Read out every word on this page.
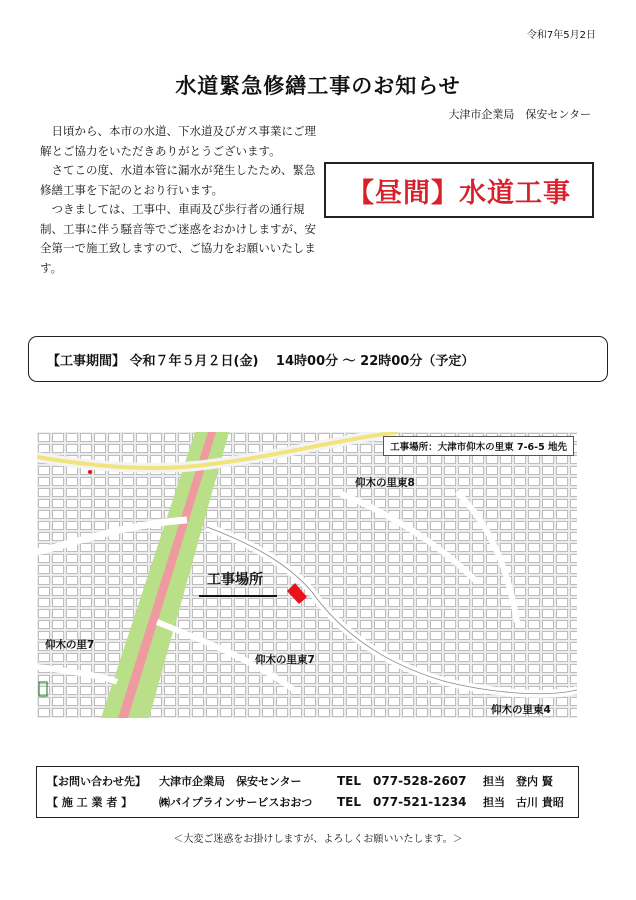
令和7年5月2日
水道緊急修繕工事のお知らせ
大津市企業局　保安センター

　日頃から、本市の水道、下水道及びガス事業にご理解とご協力をいただきありがとうございます。

　さてこの度、水道本管に漏水が発生したため、緊急修繕工事を下記のとおり行います。

　つきましては、工事中、車両及び歩行者の通行規制、工事に伴う騒音等でご迷惑をおかけしますが、安全第一で施工致しますので、ご協力をお願いいたします。

【昼間】水道工事
【工事期間】 令和７年５月２日(金)　 14時00分 ～ 22時00分（予定）
工事場所：大津市仰木の里東 7-6-5 地先
工事場所
仰木の里東8
仰木の里7
仰木の里東7
仰木の里東4
【お問い合わせ先】 大津市企業局　保安センター	TEL　077-528-2607 担当　登内 賢
【 施 工 業 者 】 ㈱パイプラインサービスおおつ TEL　077-521-1234 担当　古川 貴昭
＜大変ご迷惑をお掛けしますが、よろしくお願いいたします。＞
